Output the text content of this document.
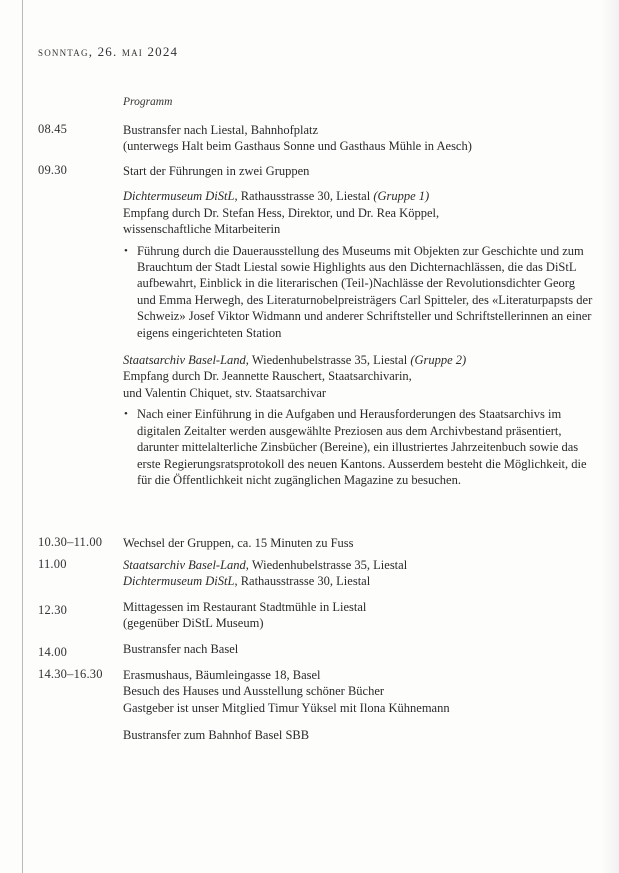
sonntag, 26. mai 2024
Programm
08.45	Bustransfer nach Liestal, Bahnhofplatz

(unterwegs Halt beim Gasthaus Sonne und Gasthaus Mühle in Aesch)

09.30	Start der Führungen in zwei Gruppen

Dichtermuseum DiStL, Rathausstrasse 30, Liestal (Gruppe 1)

Empfang durch Dr. Stefan Hess, Direktor, und Dr. Rea Köppel,

wissenschaftliche Mitarbeiterin

• Führung durch die Dauerausstellung des Museums mit Objekten zur Geschichte und zum Brauchtum der Stadt Liestal sowie Highlights aus den Dichternachlässen, die das DiStL aufbewahrt, Einblick in die literarischen (Teil-)Nachlässe der Revolutionsdichter Georg und Emma Herwegh, des Literaturnobelpreisträgers Carl Spitteler, des «Literaturpapsts der Schweiz» Josef Viktor Widmann und anderer Schriftsteller und Schriftstellerinnen an einer eigens eingerichteten Station

Staatsarchiv Basel-Land, Wiedenhubelstrasse 35, Liestal (Gruppe 2)

Empfang durch Dr. Jeannette Rauschert, Staatsarchivarin,

und Valentin Chiquet, stv. Staatsarchivar

• Nach einer Einführung in die Aufgaben und Herausforderungen des Staatsarchivs im digitalen Zeitalter werden ausgewählte Preziosen aus dem Archivbestand präsentiert, darunter mittelalterliche Zinsbücher (Bereine), ein illustriertes Jahrzeitenbuch sowie das erste Regierungsratsprotokoll des neuen Kantons. Ausserdem besteht die Möglichkeit, die für die Öffentlichkeit nicht zugänglichen Magazine zu besuchen.
10.30–11.00 Wechsel der Gruppen, ca. 15 Minuten zu Fuss

11.00	Staatsarchiv Basel-Land, Wiedenhubelstrasse 35, Liestal

Dichtermuseum DiStL, Rathausstrasse 30, Liestal

12.30	Mittagessen im Restaurant Stadtmühle in Liestal

(gegenüber DiStL Museum)

14.00	Bustransfer nach Basel

14.30–16.30 Erasmushaus, Bäumleingasse 18, Basel

Besuch des Hauses und Ausstellung schöner Bücher

Gastgeber ist unser Mitglied Timur Yüksel mit Ilona Kühnemann

Bustransfer zum Bahnhof Basel SBB
